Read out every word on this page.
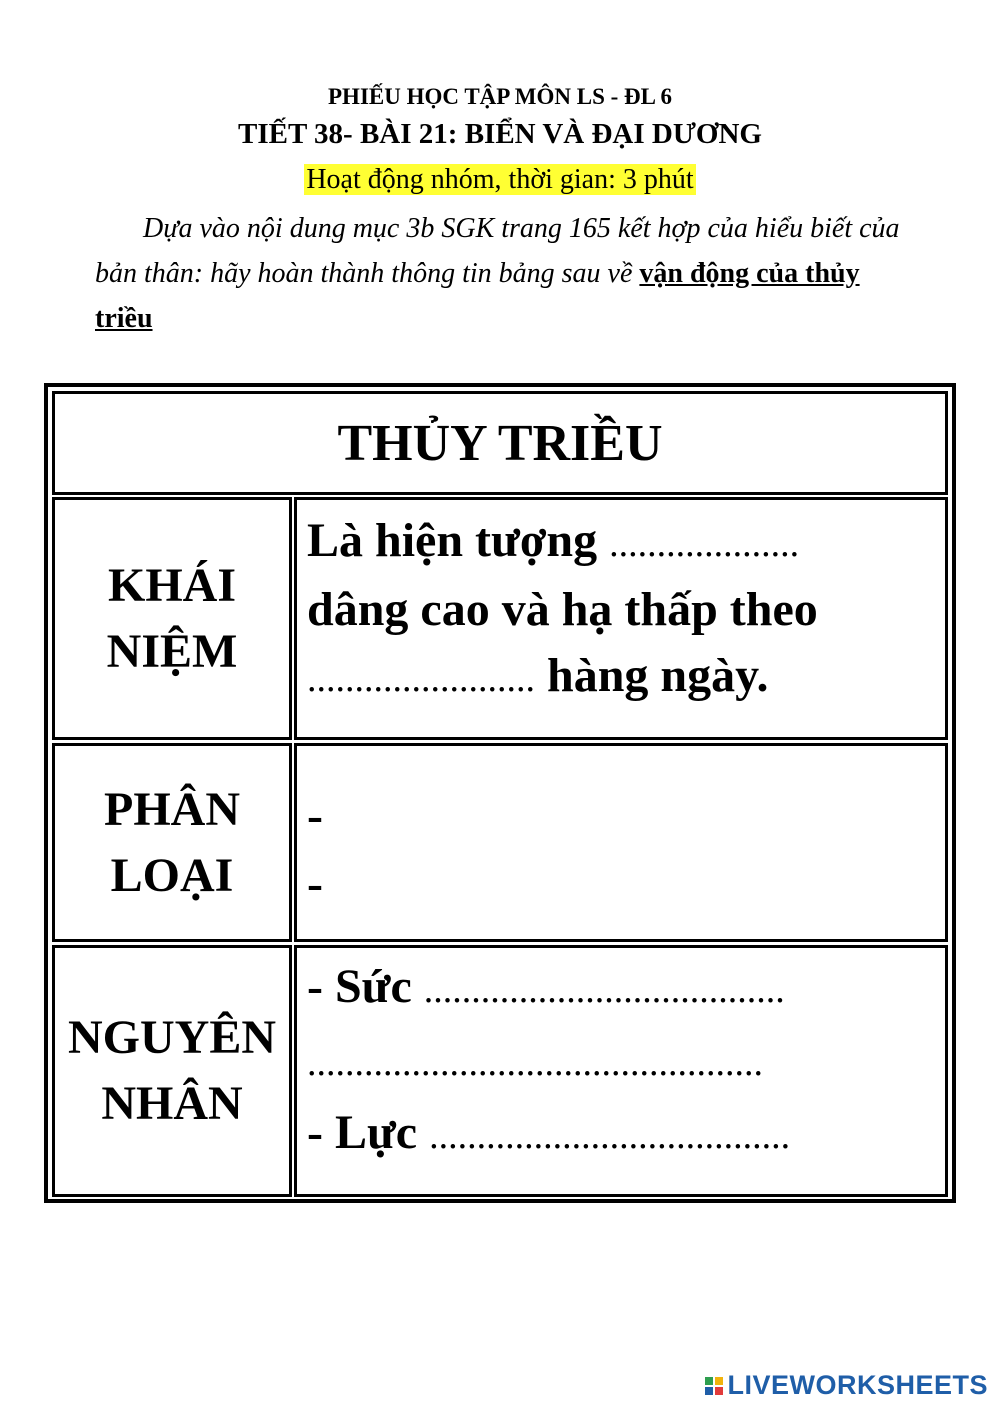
PHIẾU HỌC TẬP MÔN LS - ĐL 6
TIẾT 38- BÀI 21: BIỂN VÀ ĐẠI DƯƠNG
Hoạt động nhóm, thời gian: 3 phút
Dựa vào nội dung mục 3b SGK trang 165 kết hợp của hiểu biết của bản thân: hãy hoàn thành thông tin bảng sau về vận động của thủy triều
THỦY TRIỀU
KHÁI
NIỆM
Là hiện tượng ....................
dâng cao và hạ thấp theo
........................ hàng ngày.
PHÂN
LOẠI
-
-
NGUYÊN
NHÂN
- Sức ......................................
................................................
- Lực ......................................
LIVEWORKSHEETS
